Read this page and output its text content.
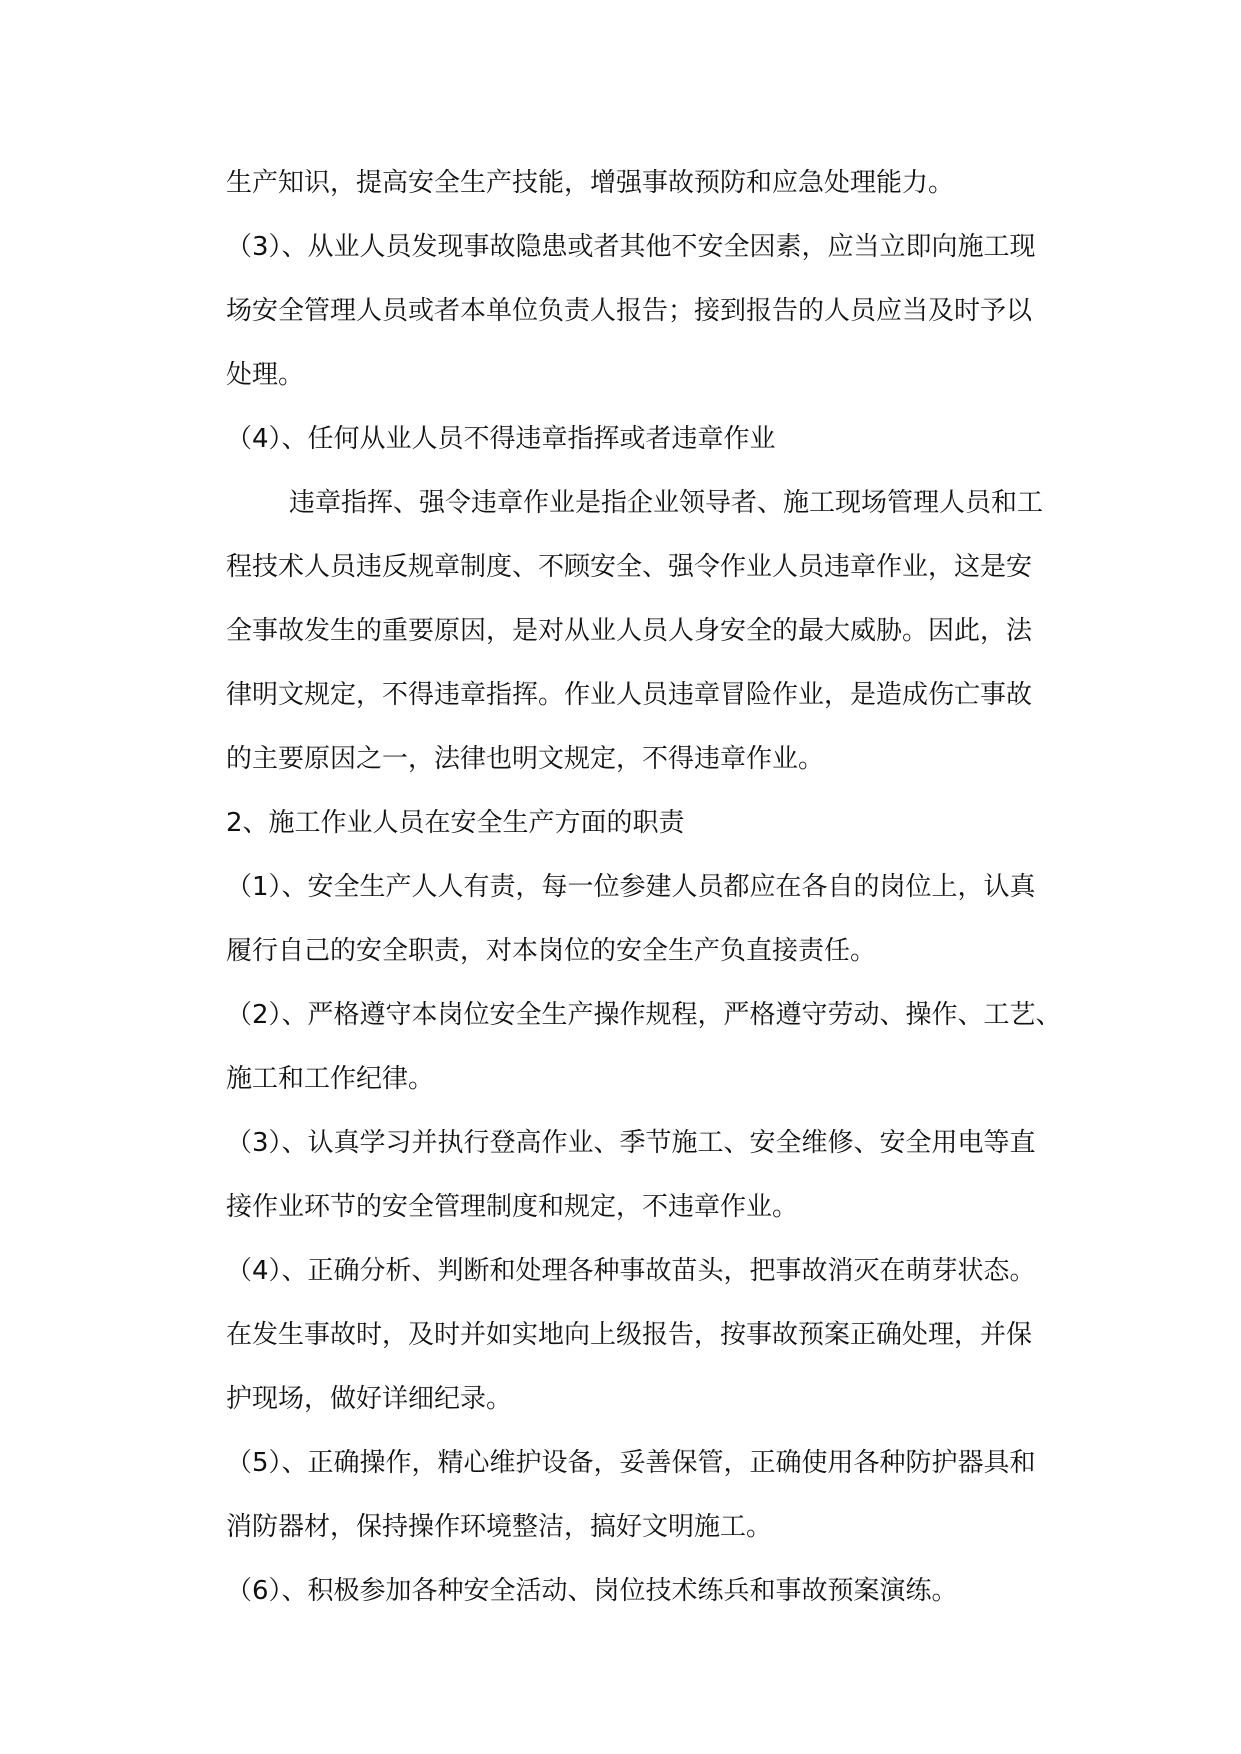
生产知识，提高安全生产技能，增强事故预防和应急处理能力。
（3）、从业人员发现事故隐患或者其他不安全因素，应当立即向施工现
场安全管理人员或者本单位负责人报告；接到报告的人员应当及时予以
处理。
（4）、任何从业人员不得违章指挥或者违章作业
违章指挥、强令违章作业是指企业领导者、施工现场管理人员和工
程技术人员违反规章制度、不顾安全、强令作业人员违章作业，这是安
全事故发生的重要原因，是对从业人员人身安全的最大威胁。因此，法
律明文规定，不得违章指挥。作业人员违章冒险作业，是造成伤亡事故
的主要原因之一，法律也明文规定，不得违章作业。
2、施工作业人员在安全生产方面的职责
（1）、安全生产人人有责，每一位参建人员都应在各自的岗位上，认真
履行自己的安全职责，对本岗位的安全生产负直接责任。
（2）、严格遵守本岗位安全生产操作规程，严格遵守劳动、操作、工艺、
施工和工作纪律。
（3）、认真学习并执行登高作业、季节施工、安全维修、安全用电等直
接作业环节的安全管理制度和规定，不违章作业。
（4）、正确分析、判断和处理各种事故苗头，把事故消灭在萌芽状态。
在发生事故时，及时并如实地向上级报告，按事故预案正确处理，并保
护现场，做好详细纪录。
（5）、正确操作，精心维护设备，妥善保管，正确使用各种防护器具和
消防器材，保持操作环境整洁，搞好文明施工。
（6）、积极参加各种安全活动、岗位技术练兵和事故预案演练。
